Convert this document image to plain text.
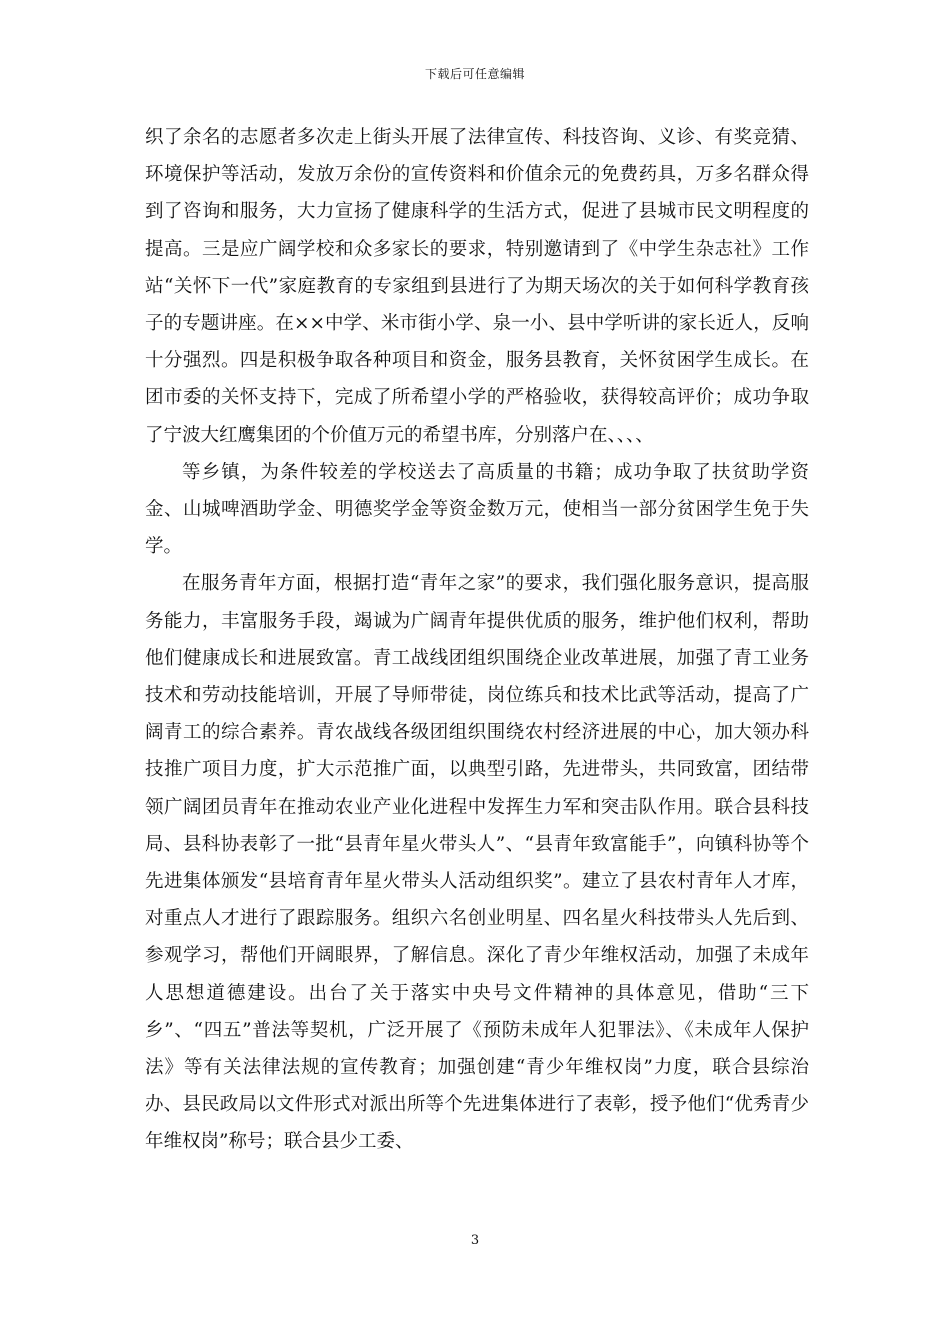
下载后可任意编辑

织了余名的志愿者多次走上街头开展了法律宣传、科技咨询、义诊、有奖竞猜、环境保护等活动，发放万余份的宣传资料和价值余元的免费药具，万多名群众得到了咨询和服务，大力宣扬了健康科学的生活方式，促进了县城市民文明程度的提高。三是应广阔学校和众多家长的要求，特别邀请到了《中学生杂志社》工作站“关怀下一代”家庭教育的专家组到县进行了为期天场次的关于如何科学教育孩子的专题讲座。在××中学、米市街小学、泉一小、县中学听讲的家长近人，反响十分强烈。四是积极争取各种项目和资金，服务县教育，关怀贫困学生成长。在团市委的关怀支持下，完成了所希望小学的严格验收，获得较高评价；成功争取了宁波大红鹰集团的个价值万元的希望书库，分别落户在、、、、

等乡镇，为条件较差的学校送去了高质量的书籍；成功争取了扶贫助学资金、山城啤酒助学金、明德奖学金等资金数万元，使相当一部分贫困学生免于失学。

在服务青年方面，根据打造“青年之家”的要求，我们强化服务意识，提高服务能力，丰富服务手段，竭诚为广阔青年提供优质的服务，维护他们权利，帮助他们健康成长和进展致富。青工战线团组织围绕企业改革进展，加强了青工业务技术和劳动技能培训，开展了导师带徒，岗位练兵和技术比武等活动，提高了广阔青工的综合素养。青农战线各级团组织围绕农村经济进展的中心，加大领办科技推广项目力度，扩大示范推广面，以典型引路，先进带头，共同致富，团结带领广阔团员青年在推动农业产业化进程中发挥生力军和突击队作用。联合县科技局、县科协表彰了一批“县青年星火带头人”、“县青年致富能手”，向镇科协等个先进集体颁发“县培育青年星火带头人活动组织奖”。建立了县农村青年人才库，对重点人才进行了跟踪服务。组织六名创业明星、四名星火科技带头人先后到、参观学习，帮他们开阔眼界，了解信息。深化了青少年维权活动，加强了未成年人思想道德建设。出台了关于落实中央号文件精神的具体意见，借助“三下乡”、“四五”普法等契机，广泛开展了《预防未成年人犯罪法》、《未成年人保护法》等有关法律法规的宣传教育；加强创建“青少年维权岗”力度，联合县综治办、县民政局以文件形式对派出所等个先进集体进行了表彰，授予他们“优秀青少年维权岗”称号；联合县少工委、

3
